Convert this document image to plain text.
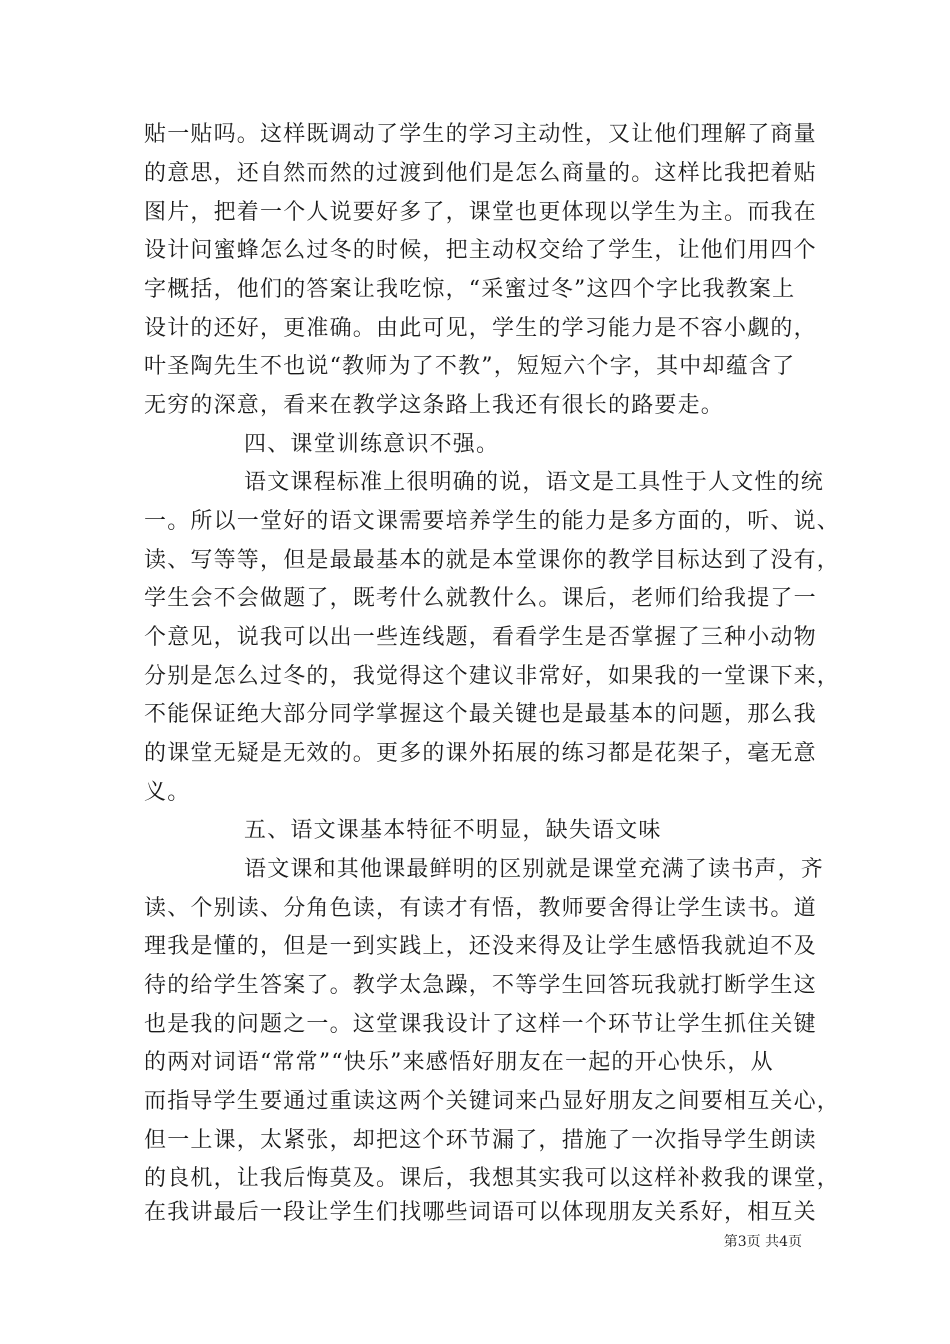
贴一贴吗。这样既调动了学生的学习主动性，又让他们理解了商量
的意思，还自然而然的过渡到他们是怎么商量的。这样比我把着贴
图片，把着一个人说要好多了，课堂也更体现以学生为主。而我在
设计问蜜蜂怎么过冬的时候，把主动权交给了学生，让他们用四个
字概括，他们的答案让我吃惊，“采蜜过冬”这四个字比我教案上
设计的还好，更准确。由此可见，学生的学习能力是不容小觑的，
叶圣陶先生不也说“教师为了不教”，短短六个字，其中却蕴含了
无穷的深意，看来在教学这条路上我还有很长的路要走。
四、课堂训练意识不强。
语文课程标准上很明确的说，语文是工具性于人文性的统
一。所以一堂好的语文课需要培养学生的能力是多方面的，听、说、
读、写等等，但是最最基本的就是本堂课你的教学目标达到了没有，
学生会不会做题了，既考什么就教什么。课后，老师们给我提了一
个意见，说我可以出一些连线题，看看学生是否掌握了三种小动物
分别是怎么过冬的，我觉得这个建议非常好，如果我的一堂课下来，
不能保证绝大部分同学掌握这个最关键也是最基本的问题，那么我
的课堂无疑是无效的。更多的课外拓展的练习都是花架子，毫无意
义。
五、语文课基本特征不明显，缺失语文味
语文课和其他课最鲜明的区别就是课堂充满了读书声，齐
读、个别读、分角色读，有读才有悟，教师要舍得让学生读书。道
理我是懂的，但是一到实践上，还没来得及让学生感悟我就迫不及
待的给学生答案了。教学太急躁，不等学生回答玩我就打断学生这
也是我的问题之一。这堂课我设计了这样一个环节让学生抓住关键
的两对词语“常常”“快乐”来感悟好朋友在一起的开心快乐，从
而指导学生要通过重读这两个关键词来凸显好朋友之间要相互关心，
但一上课，太紧张，却把这个环节漏了，措施了一次指导学生朗读
的良机，让我后悔莫及。课后，我想其实我可以这样补救我的课堂，
在我讲最后一段让学生们找哪些词语可以体现朋友关系好，相互关
第3页 共4页
